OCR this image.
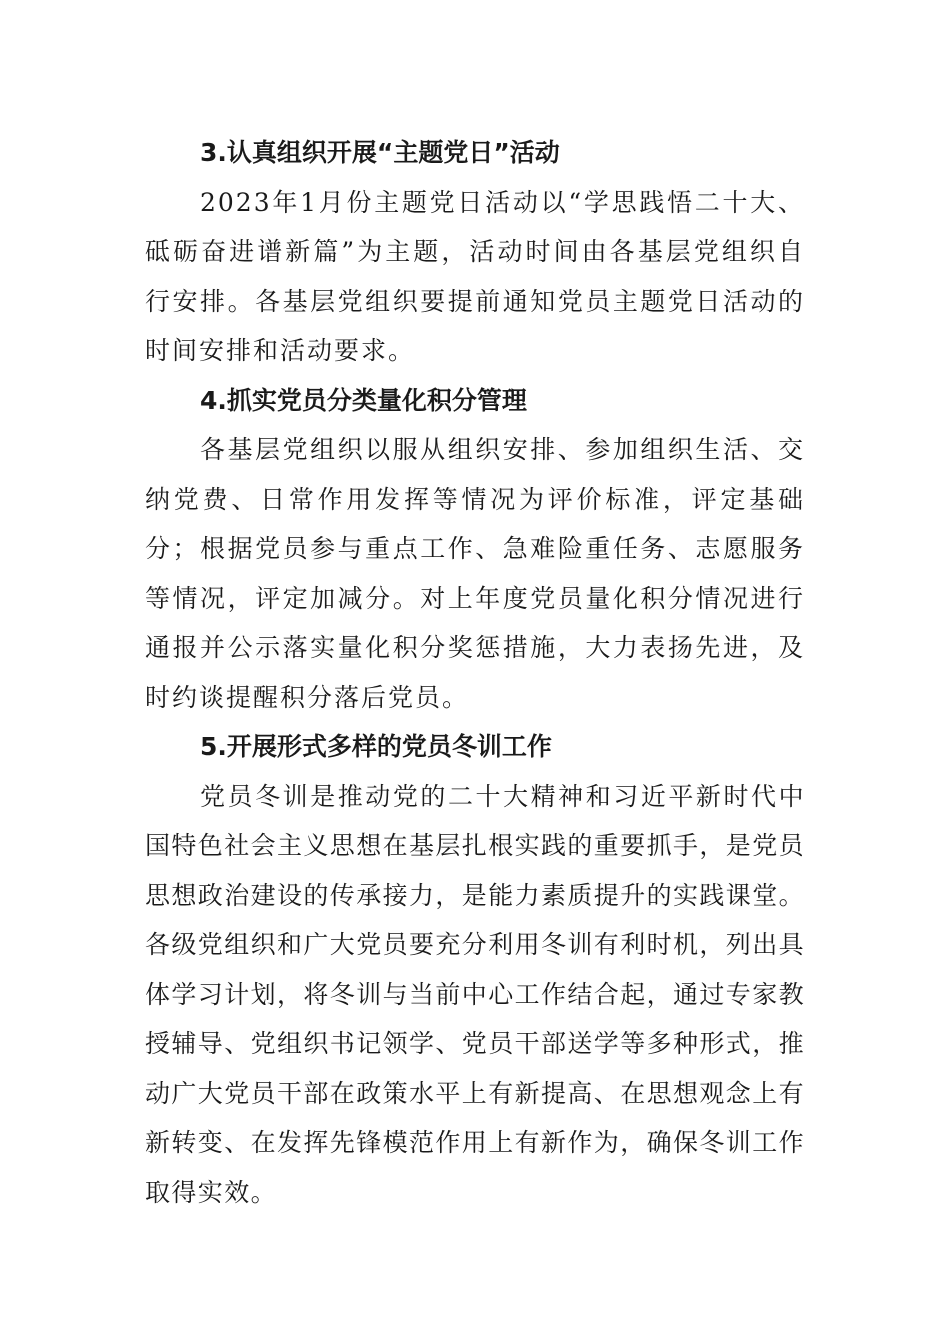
3.认真组织开展“主题党日”活动

2023年1月份主题党日活动以“学思践悟二十大、砥砺奋进谱新篇”为主题，活动时间由各基层党组织自行安排。各基层党组织要提前通知党员主题党日活动的时间安排和活动要求。

4.抓实党员分类量化积分管理

各基层党组织以服从组织安排、参加组织生活、交纳党费、日常作用发挥等情况为评价标准，评定基础分；根据党员参与重点工作、急难险重任务、志愿服务等情况，评定加减分。对上年度党员量化积分情况进行通报并公示落实量化积分奖惩措施，大力表扬先进，及时约谈提醒积分落后党员。

5.开展形式多样的党员冬训工作

党员冬训是推动党的二十大精神和习近平新时代中国特色社会主义思想在基层扎根实践的重要抓手，是党员思想政治建设的传承接力，是能力素质提升的实践课堂。各级党组织和广大党员要充分利用冬训有利时机，列出具体学习计划，将冬训与当前中心工作结合起，通过专家教授辅导、党组织书记领学、党员干部送学等多种形式，推动广大党员干部在政策水平上有新提高、在思想观念上有新转变、在发挥先锋模范作用上有新作为，确保冬训工作取得实效。
